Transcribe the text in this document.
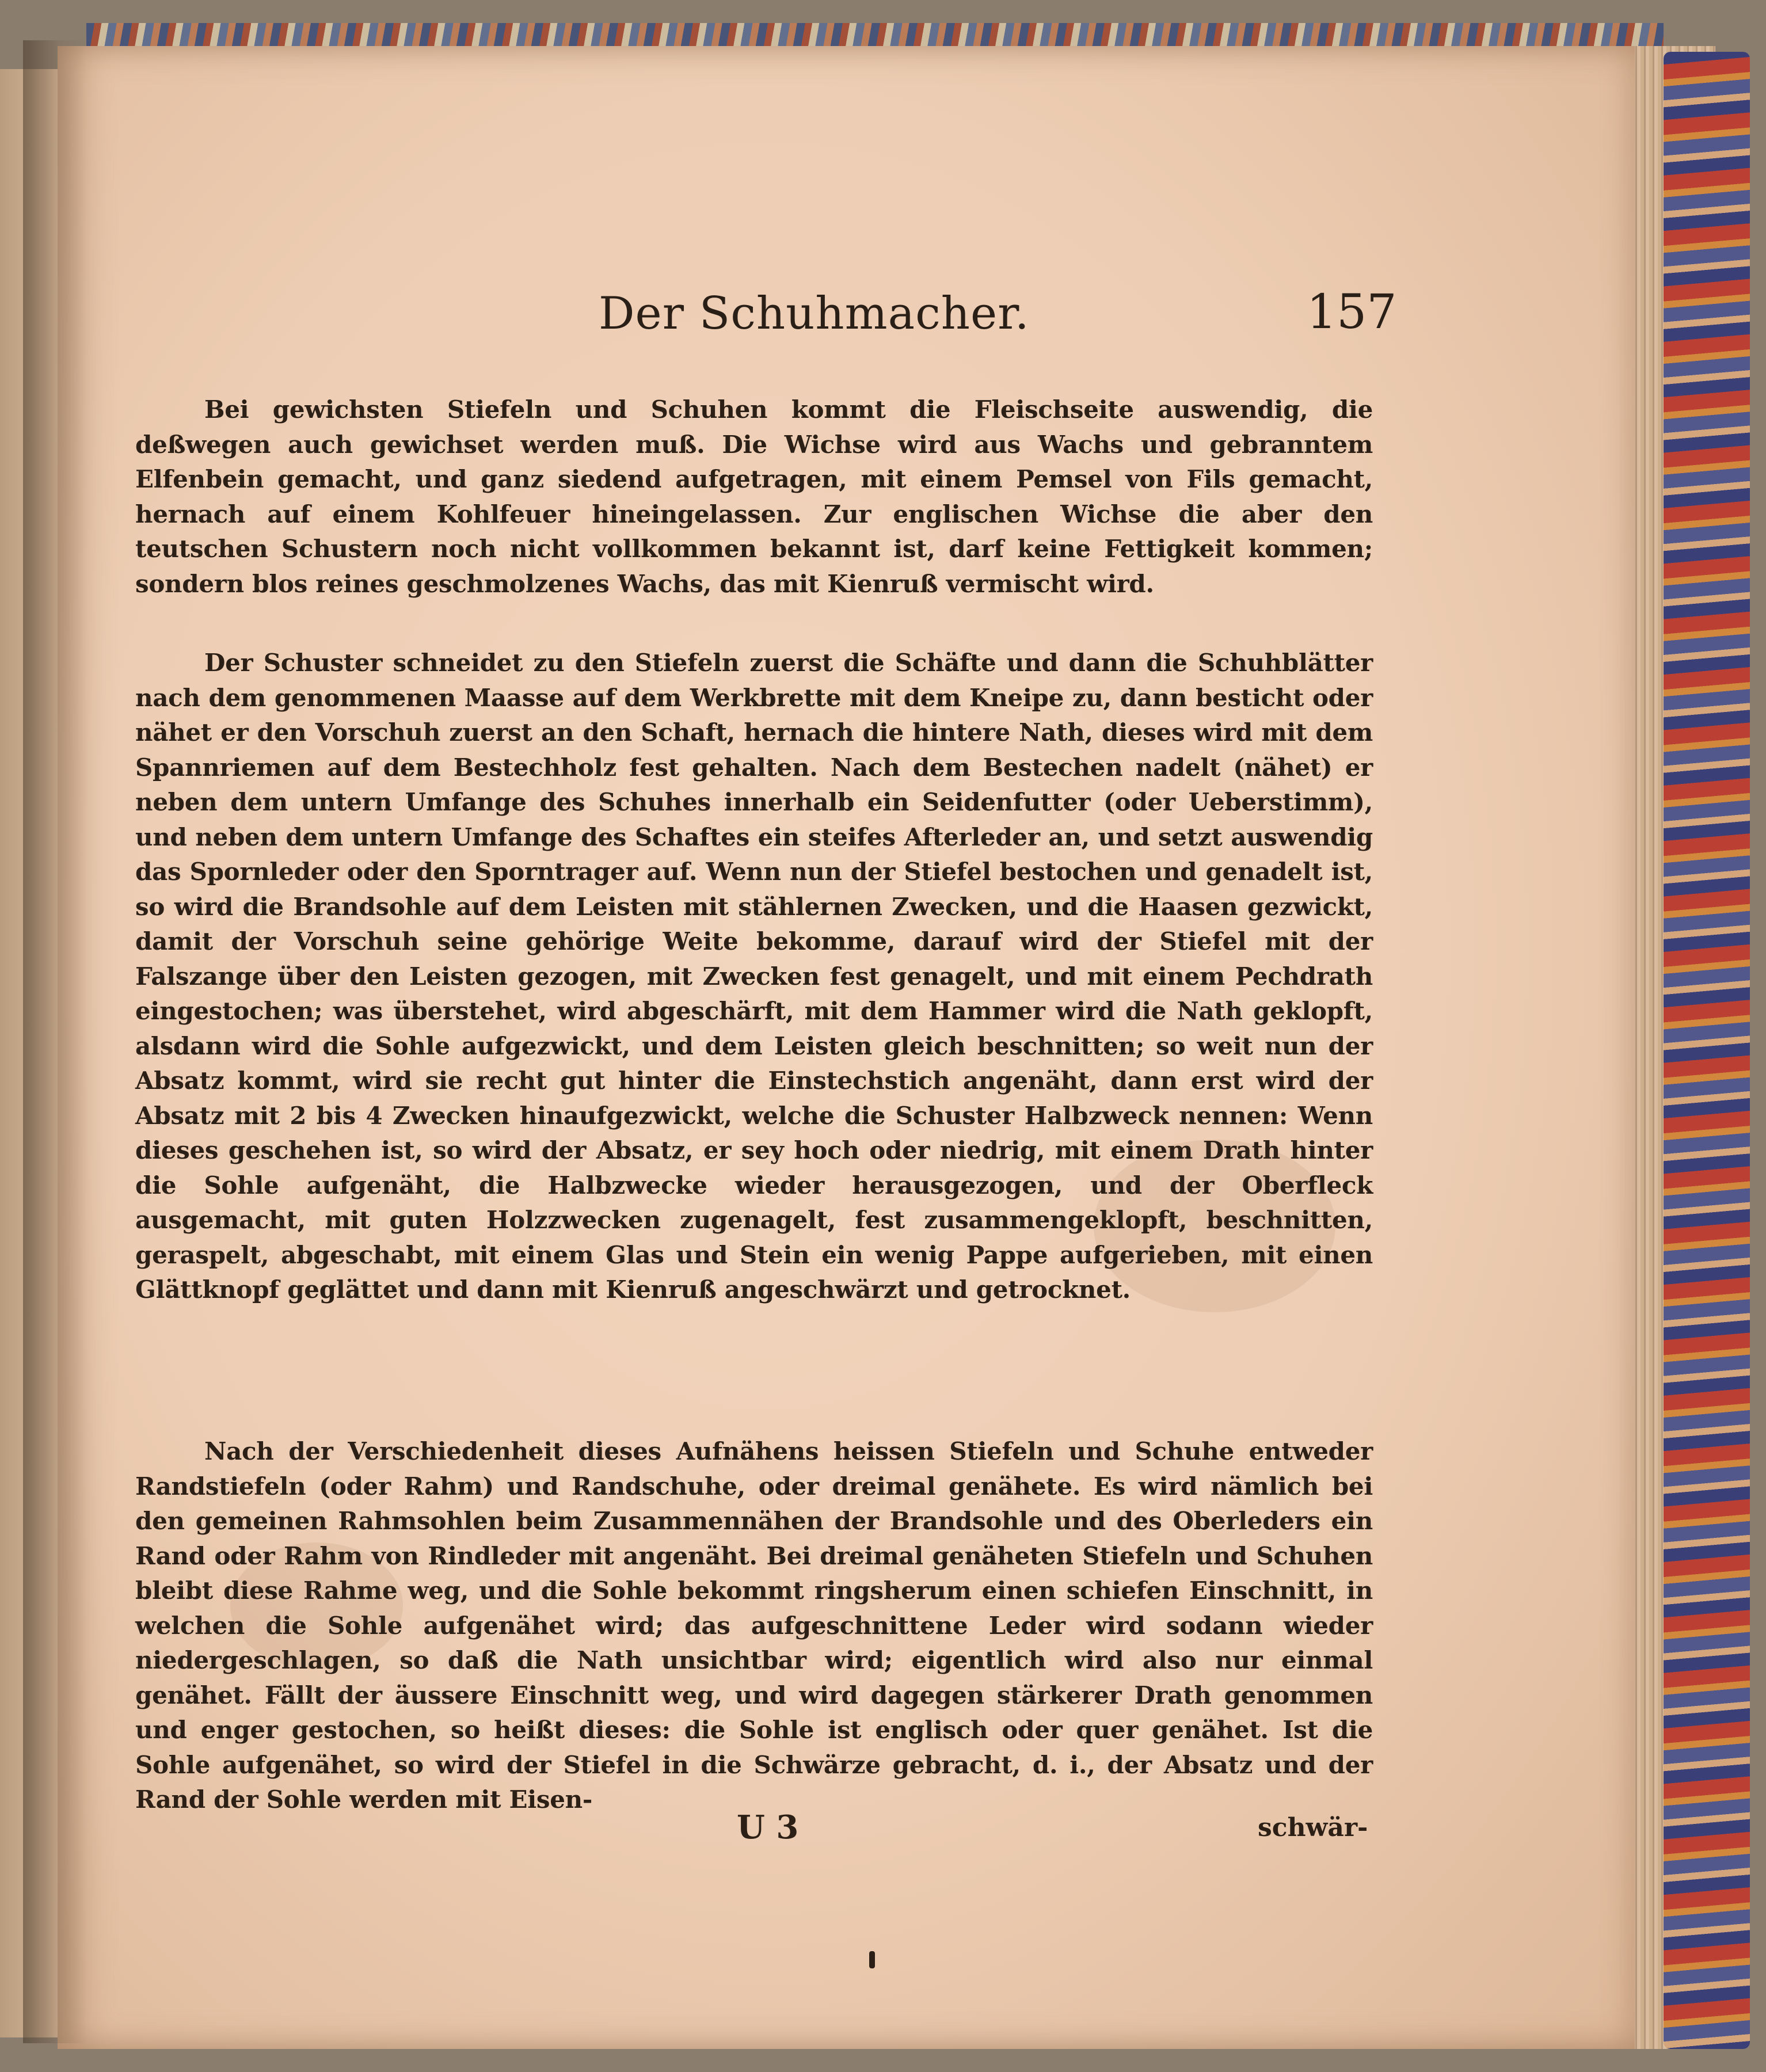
Der Schuhmacher.	157

Bei gewichsten Stiefeln und Schuhen kommt die Fleischseite auswendig, die deßwegen auch gewichset werden muß. Die Wichse wird aus Wachs und gebranntem Elfenbein gemacht, und ganz siedend aufgetragen, mit einem Pemsel von Fils gemacht, hernach auf einem Kohlfeuer hineingelassen. Zur englischen Wichse die aber den teutschen Schustern noch nicht vollkommen bekannt ist, darf keine Fettigkeit kommen; sondern blos reines geschmolzenes Wachs, das mit Kienruß vermischt wird.

Der Schuster schneidet zu den Stiefeln zuerst die Schäfte und dann die Schuhblätter nach dem genommenen Maasse auf dem Werkbrette mit dem Kneipe zu, dann besticht oder nähet er den Vorschuh zuerst an den Schaft, hernach die hintere Nath, dieses wird mit dem Spannriemen auf dem Bestechholz fest gehalten. Nach dem Bestechen nadelt (nähet) er neben dem untern Umfange des Schuhes innerhalb ein Seidenfutter (oder Ueberstimm), und neben dem untern Umfange des Schaftes ein steifes Afterleder an, und setzt auswendig das Spornleder oder den Sporntrager auf. Wenn nun der Stiefel bestochen und genadelt ist, so wird die Brandsohle auf dem Leisten mit stählernen Zwecken, und die Haasen gezwickt, damit der Vorschuh seine gehörige Weite bekomme, darauf wird der Stiefel mit der Falszange über den Leisten gezogen, mit Zwecken fest genagelt, und mit einem Pechdrath eingestochen; was überstehet, wird abgeschärft, mit dem Hammer wird die Nath geklopft, alsdann wird die Sohle aufgezwickt, und dem Leisten gleich beschnitten; so weit nun der Absatz kommt, wird sie recht gut hinter die Einstechstich angenäht, dann erst wird der Absatz mit 2 bis 4 Zwecken hinaufgezwickt, welche die Schuster Halbzweck nennen: Wenn dieses geschehen ist, so wird der Absatz, er sey hoch oder niedrig, mit einem Drath hinter die Sohle aufgenäht, die Halbzwecke wieder herausgezogen, und der Oberfleck ausgemacht, mit guten Holzzwecken zugenagelt, fest zusammengeklopft, beschnitten, geraspelt, abgeschabt, mit einem Glas und Stein ein wenig Pappe aufgerieben, mit einen Glättknopf geglättet und dann mit Kienruß angeschwärzt und getrocknet.

Nach der Verschiedenheit dieses Aufnähens heissen Stiefeln und Schuhe entweder Randstiefeln (oder Rahm) und Randschuhe, oder dreimal genähete. Es wird nämlich bei den gemeinen Rahmsohlen beim Zusammennähen der Brandsohle und des Oberleders ein Rand oder Rahm von Rindleder mit angenäht. Bei dreimal genäheten Stiefeln und Schuhen bleibt diese Rahme weg, und die Sohle bekommt ringsherum einen schiefen Einschnitt, in welchen die Sohle aufgenähet wird; das aufgeschnittene Leder wird sodann wieder niedergeschlagen, so daß die Nath unsichtbar wird; eigentlich wird also nur einmal genähet. Fällt der äussere Einschnitt weg, und wird dagegen stärkerer Drath genommen und enger gestochen, so heißt dieses: die Sohle ist englisch oder quer genähet. Ist die Sohle aufgenähet, so wird der Stiefel in die Schwärze gebracht, d. i., der Absatz und der Rand der Sohle werden mit Eisen-

U 3	schwär-
